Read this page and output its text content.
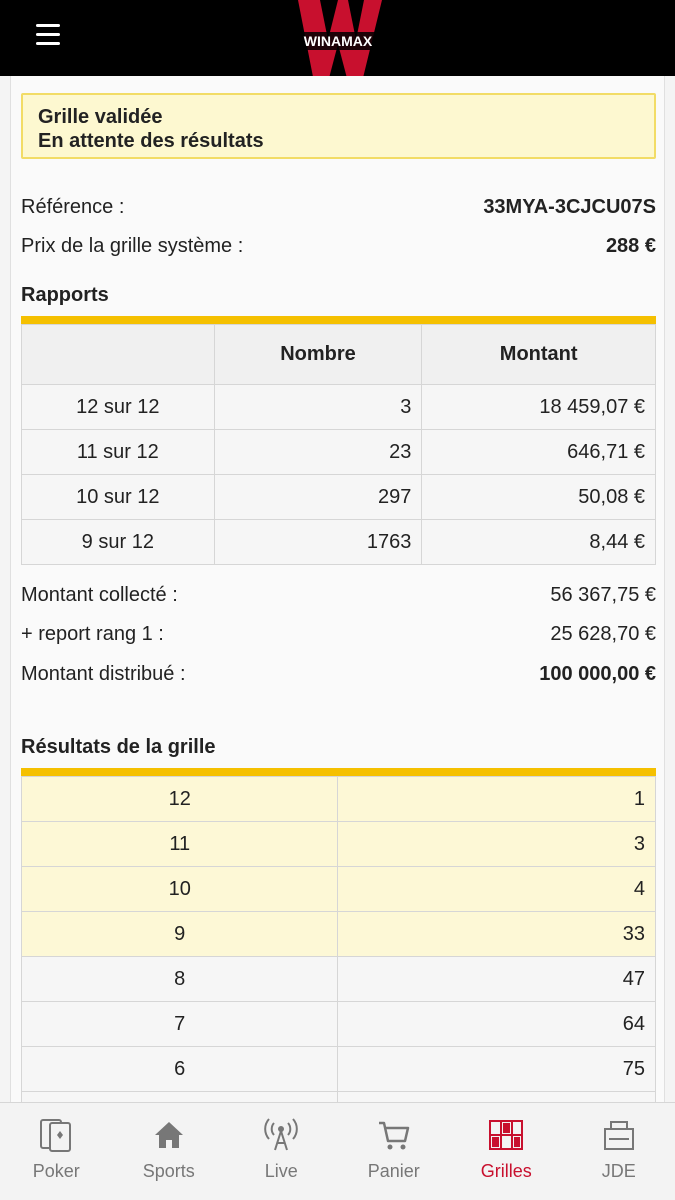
WINAMAX
Grille validée
En attente des résultats
Référence :	33MYA-3CJCU07S
Prix de la grille système :	288 €
Rapports
	Nombre	Montant
12 sur 12	3	18 459,07 €
11 sur 12	23	646,71 €
10 sur 12	297	50,08 €
9 sur 12	1763	8,44 €
Montant collecté :	56 367,75 €
+ report rang 1 :	25 628,70 €
Montant distribué :	100 000,00 €
Résultats de la grille
12	1
11	3
10	4
9	33
8	47
7	64
6	75

Poker	Sports	Live	Panier	Grilles	JDE
